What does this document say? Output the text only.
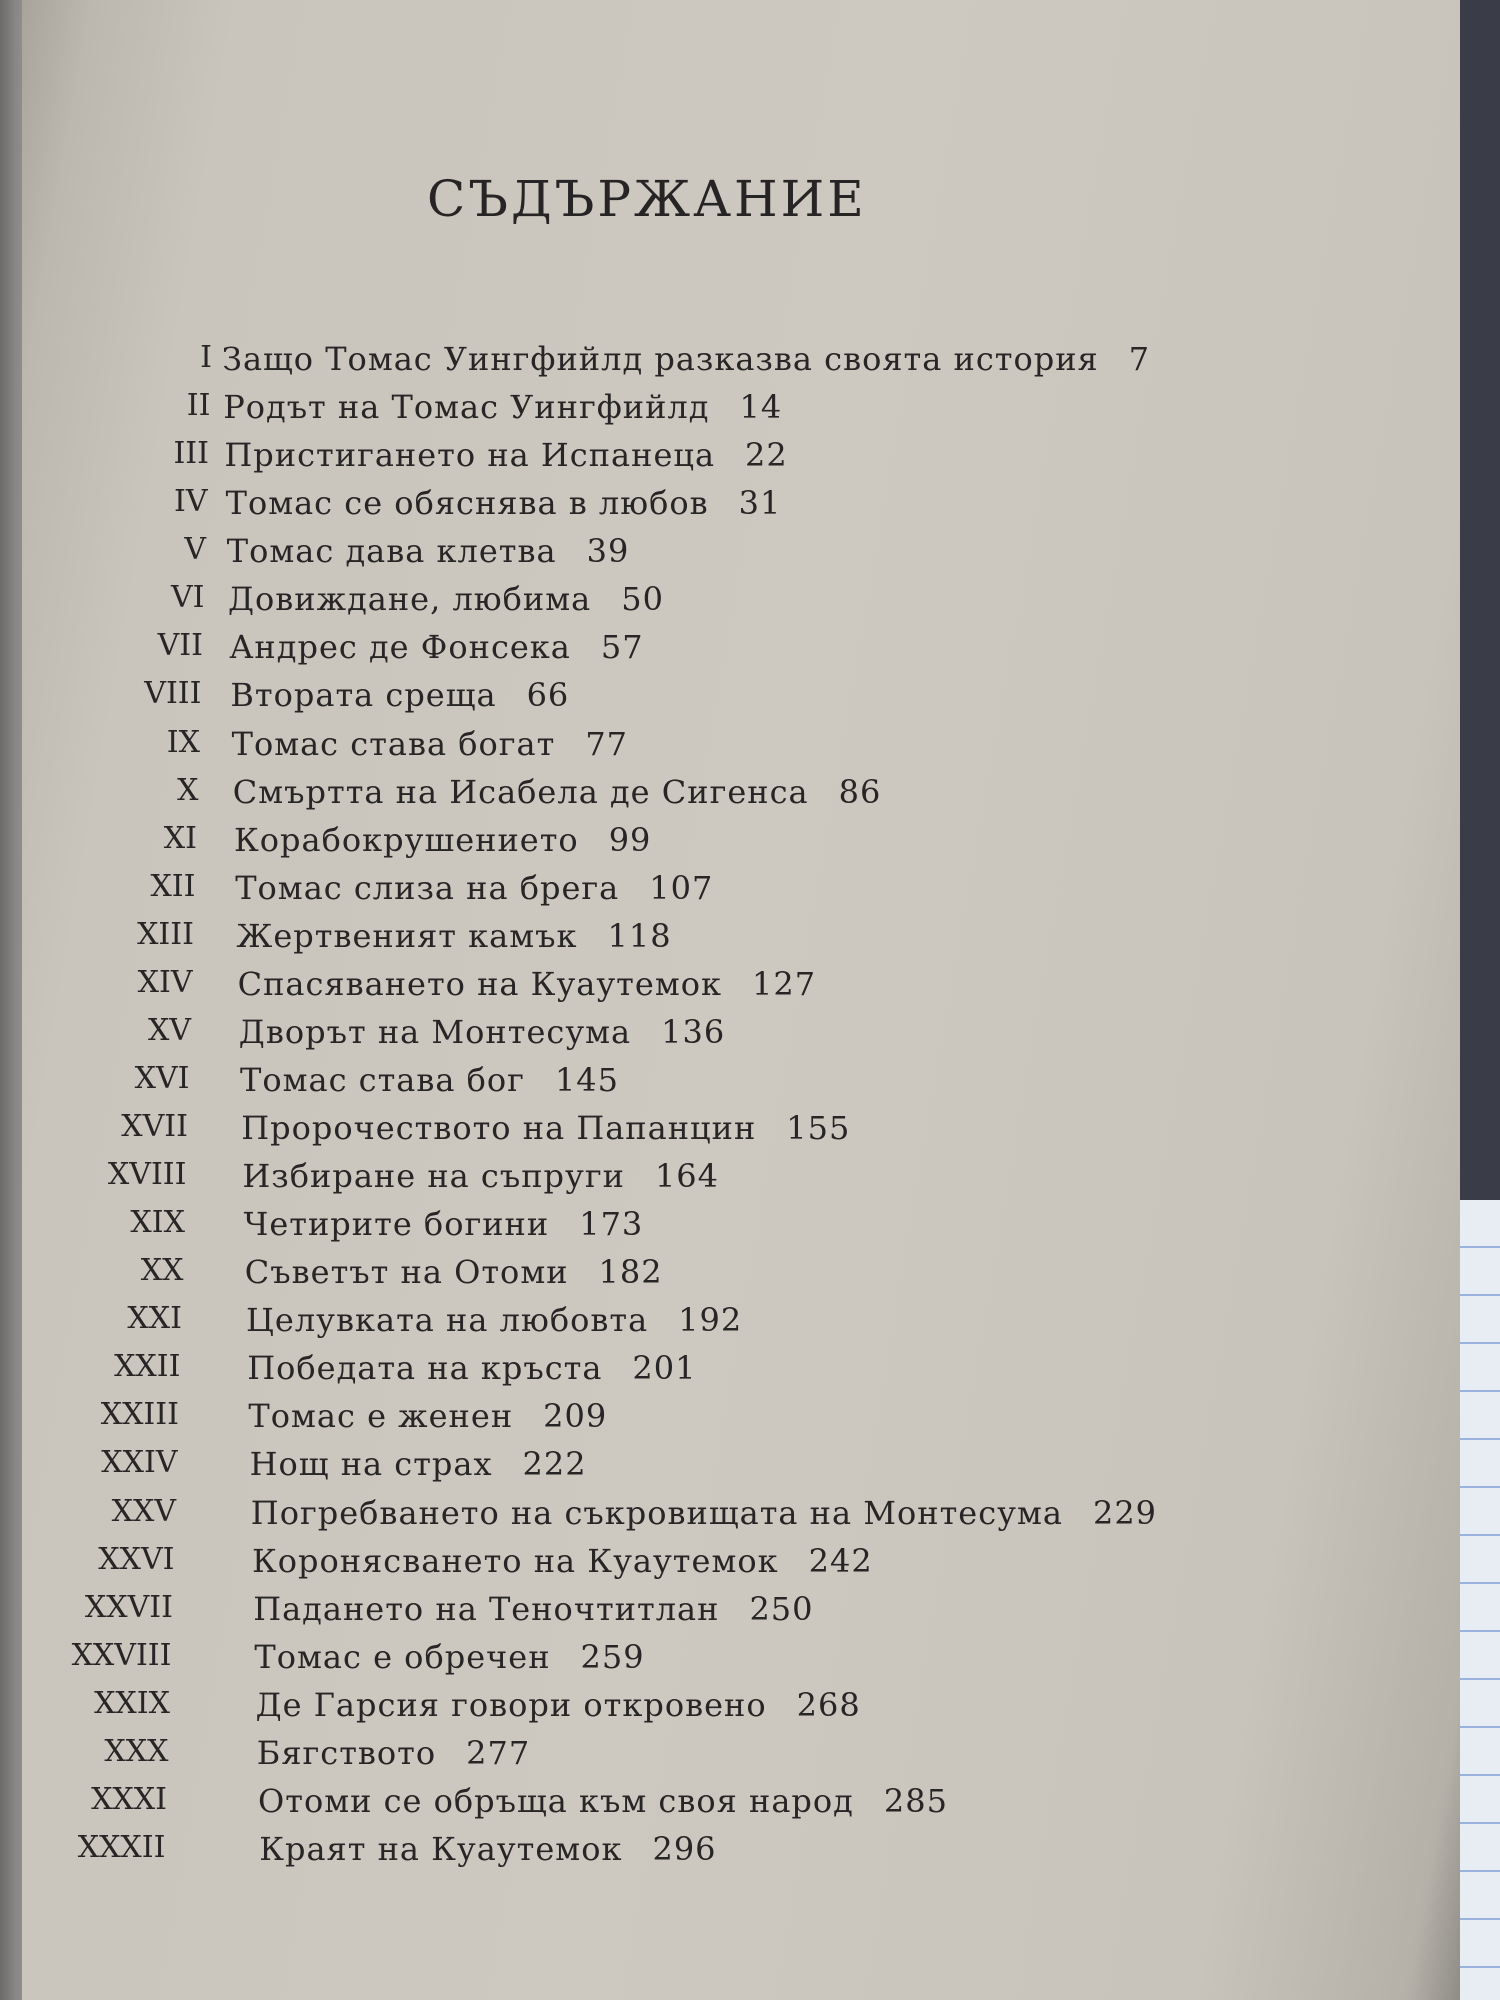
СЪДЪРЖАНИЕ
I Защо Томас Уингфийлд разказва своята история 7
II Родът на Томас Уингфийлд 14
III Пристигането на Испанеца 22
IV Томас се обяснява в любов 31
V Томас дава клетва 39
VI Довиждане, любима 50
VII Андрес де Фонсека 57
VIII Втората среща 66
IX Томас става богат 77
X Смъртта на Исабела де Сигенса 86
XI Корабокрушението 99
XII Томас слиза на брега 107
XIII Жертвеният камък 118
XIV Спасяването на Куаутемок 127
XV Дворът на Монтесума 136
XVI Томас става бог 145
XVII Пророчеството на Папанцин 155
XVIII Избиране на съпруги 164
XIX Четирите богини 173
XX Съветът на Отоми 182
XXI Целувката на любовта 192
XXII Победата на кръста 201
XXIII Томас е женен 209
XXIV Нощ на страх 222
XXV Погребването на съкровищата на Монтесума 229
XXVI Коронясването на Куаутемок 242
XXVII	Падането на Теночтитлан 250
XXVIII	Томас е обречен 259
XXIX	Де Гарсия говори откровено 268
XXX	Бягството 277
XXXI	Отоми се обръща към своя народ 285
XXXII	Краят на Куаутемок 296
